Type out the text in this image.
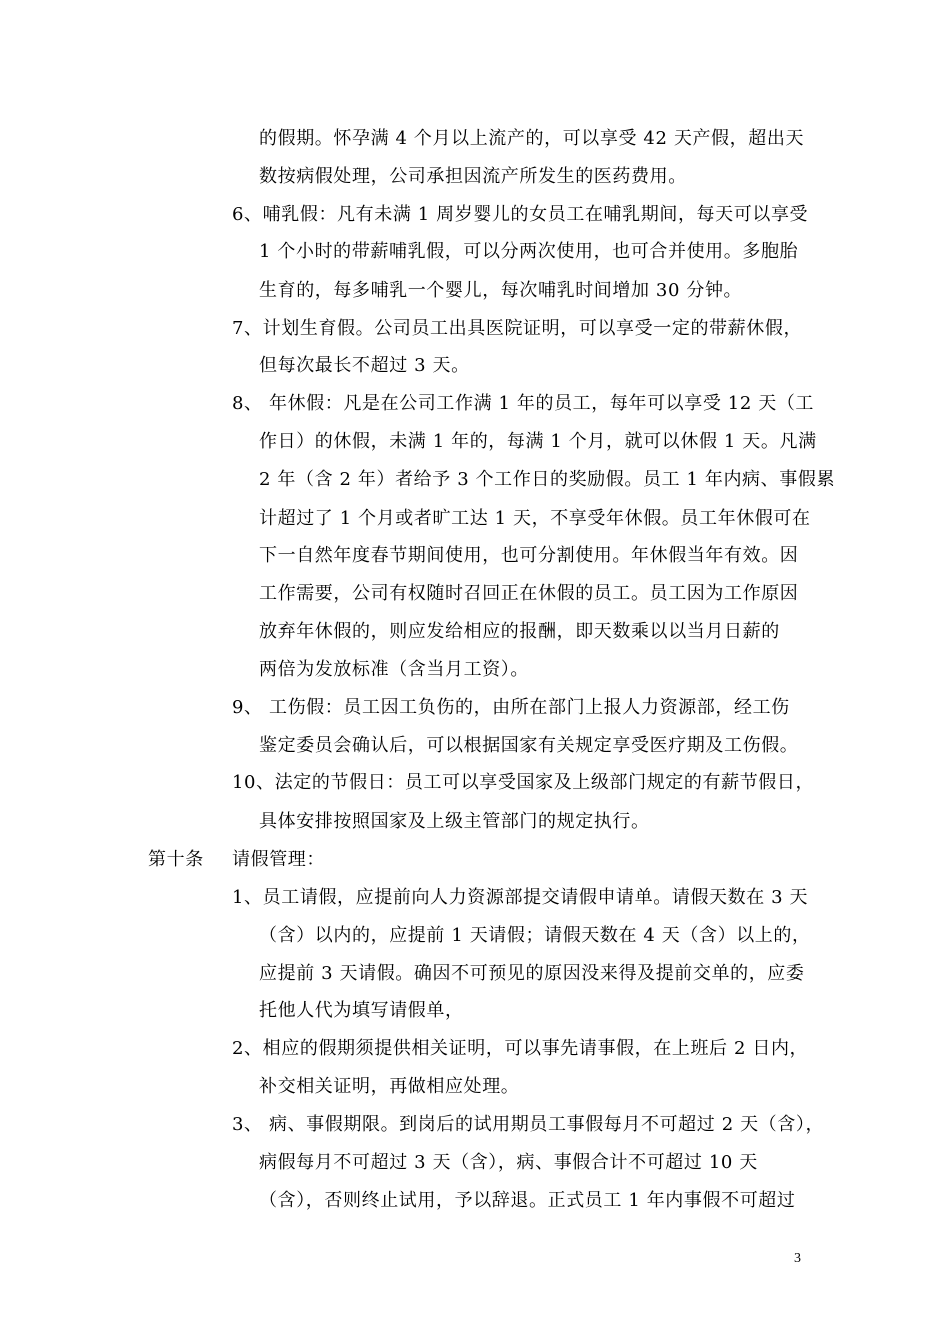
的假期。怀孕满 4 个月以上流产的，可以享受 42 天产假，超出天
数按病假处理，公司承担因流产所发生的医药费用。
6、哺乳假：凡有未满 1 周岁婴儿的女员工在哺乳期间，每天可以享受
1 个小时的带薪哺乳假，可以分两次使用，也可合并使用。多胞胎
生育的，每多哺乳一个婴儿，每次哺乳时间增加 30 分钟。
7、计划生育假。公司员工出具医院证明，可以享受一定的带薪休假，
但每次最长不超过 3 天。
8、 年休假：凡是在公司工作满 1 年的员工，每年可以享受 12 天（工
作日）的休假，未满 1 年的，每满 1 个月，就可以休假 1 天。凡满
2 年（含 2 年）者给予 3 个工作日的奖励假。员工 1 年内病、事假累
计超过了 1 个月或者旷工达 1 天，不享受年休假。员工年休假可在
下一自然年度春节期间使用，也可分割使用。年休假当年有效。因
工作需要，公司有权随时召回正在休假的员工。员工因为工作原因
放弃年休假的，则应发给相应的报酬，即天数乘以以当月日薪的
两倍为发放标准（含当月工资）。
9、 工伤假：员工因工负伤的，由所在部门上报人力资源部，经工伤
鉴定委员会确认后，可以根据国家有关规定享受医疗期及工伤假。
10、法定的节假日：员工可以享受国家及上级部门规定的有薪节假日，
具体安排按照国家及上级主管部门的规定执行。
第十条 请假管理：
1、员工请假，应提前向人力资源部提交请假申请单。请假天数在 3 天
（含）以内的，应提前 1 天请假；请假天数在 4 天（含）以上的，
应提前 3 天请假。确因不可预见的原因没来得及提前交单的，应委
托他人代为填写请假单，
2、相应的假期须提供相关证明，可以事先请事假，在上班后 2 日内，
补交相关证明，再做相应处理。
3、 病、事假期限。到岗后的试用期员工事假每月不可超过 2 天（含），
病假每月不可超过 3 天（含），病、事假合计不可超过 10 天
（含），否则终止试用，予以辞退。正式员工 1 年内事假不可超过
3
